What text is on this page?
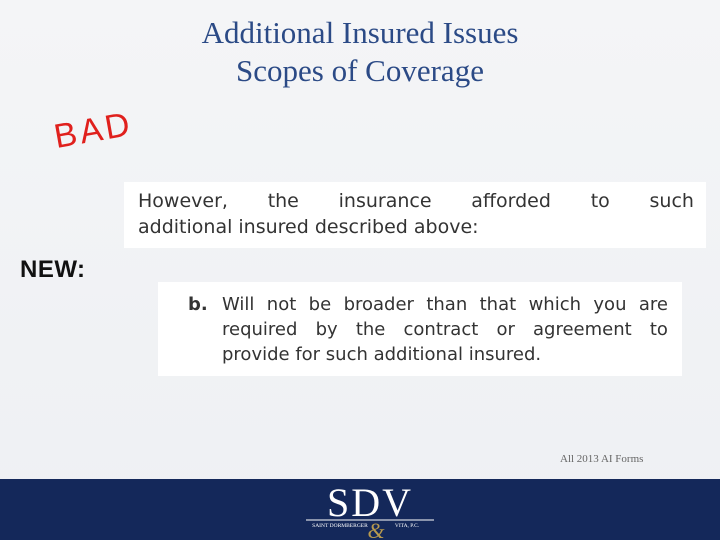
Additional Insured Issues
Scopes of Coverage
BAD
However, the insurance afforded to such
additional insured described above:
NEW:
b. Will not be broader than that which you are
required by the contract or agreement to
provide for such additional insured.
All 2013 AI Forms
SDV
SAINT DORMBERGER	VITA, P.C.
&
